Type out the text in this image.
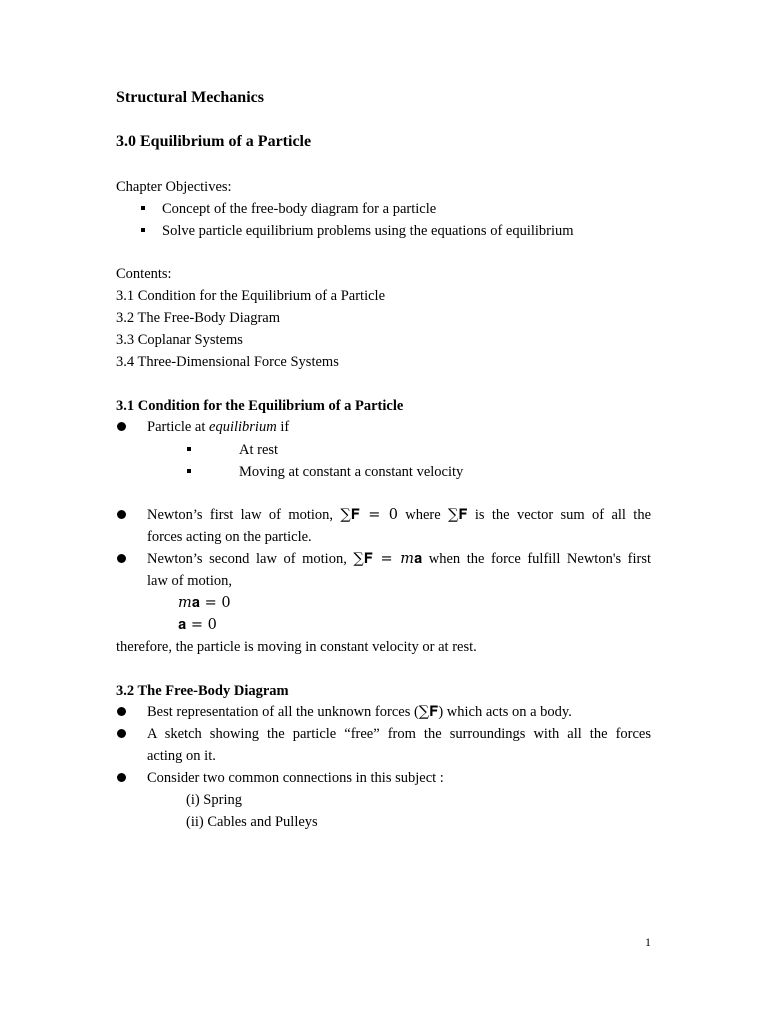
Structural Mechanics
3.0 Equilibrium of a Particle
Chapter Objectives:
Concept of the free-body diagram for a particle
Solve particle equilibrium problems using the equations of equilibrium
Contents:
3.1 Condition for the Equilibrium of a Particle
3.2 The Free-Body Diagram
3.3 Coplanar Systems
3.4 Three-Dimensional Force Systems
3.1 Condition for the Equilibrium of a Particle
Particle at equilibrium if
At rest
Moving at constant a constant velocity
Newton’s first law of motion, ∑𝐅 = 0 where ∑𝐅 is the vector sum of all the
forces acting on the particle.
Newton’s second law of motion, ∑𝐅 = 𝑚𝐚 when the force fulfill Newton's first
law of motion,
𝑚𝐚 = 0
𝐚 = 0
therefore, the particle is moving in constant velocity or at rest.
3.2 The Free-Body Diagram
Best representation of all the unknown forces (∑𝐅) which acts on a body.
A sketch showing the particle “free” from the surroundings with all the forces
acting on it.
Consider two common connections in this subject :
(i) Spring
(ii) Cables and Pulleys
1
